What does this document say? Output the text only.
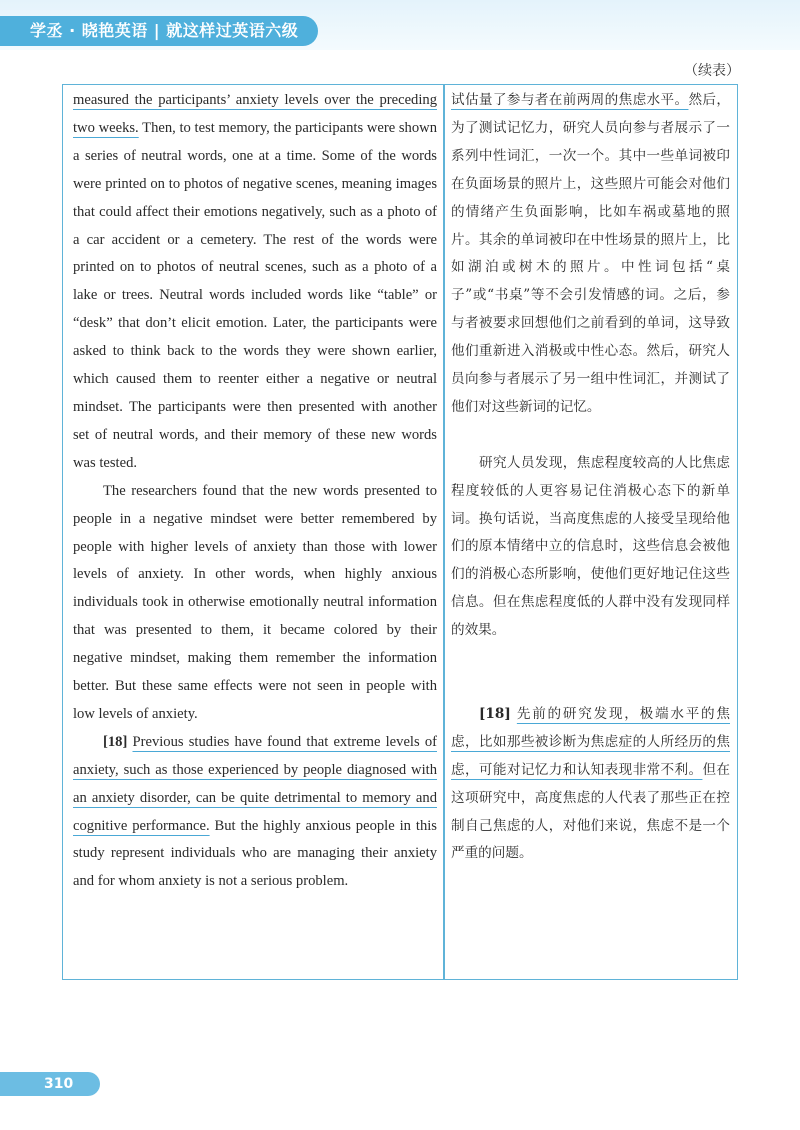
学丞 · 晓艳英语 | 就这样过英语六级
（续表）

measured the participants’ anxiety levels over the preceding two weeks. Then, to test memory, the participants were shown a series of neutral words, one at a time. Some of the words were printed on to photos of negative scenes, meaning images that could affect their emotions negatively, such as a photo of a car accident or a cemetery. The rest of the words were printed on to photos of neutral scenes, such as a photo of a lake or trees. Neutral words included words like “table” or “desk” that don’t elicit emotion. Later, the participants were asked to think back to the words they were shown earlier, which caused them to reenter either a negative or neutral mindset. The participants were then presented with another set of neutral words, and their memory of these new words was tested.

The researchers found that the new words presented to people in a negative mindset were better remembered by people with higher levels of anxiety than those with lower levels of anxiety. In other words, when highly anxious individuals took in otherwise emotionally neutral information that was presented to them, it became colored by their negative mindset, making them remember the information better. But these same effects were not seen in people with low levels of anxiety.

[18] Previous studies have found that extreme levels of anxiety, such as those experienced by people diagnosed with an anxiety disorder, can be quite detrimental to memory and cognitive performance. But the highly anxious people in this study represent individuals who are managing their anxiety and for whom anxiety is not a serious problem.

试估量了参与者在前两周的焦虑水平。然后，为了测试记忆力，研究人员向参与者展示了一系列中性词汇，一次一个。其中一些单词被印在负面场景的照片上，这些照片可能会对他们的情绪产生负面影响，比如车祸或墓地的照片。其余的单词被印在中性场景的照片上，比如湖泊或树木的照片。中性词包括“桌子”或“书桌”等不会引发情感的词。之后，参与者被要求回想他们之前看到的单词，这导致他们重新进入消极或中性心态。然后，研究人员向参与者展示了另一组中性词汇，并测试了他们对这些新词的记忆。

研究人员发现，焦虑程度较高的人比焦虑程度较低的人更容易记住消极心态下的新单词。换句话说，当高度焦虑的人接受呈现给他们的原本情绪中立的信息时，这些信息会被他们的消极心态所影响，使他们更好地记住这些信息。但在焦虑程度低的人群中没有发现同样的效果。

[18] 先前的研究发现，极端水平的焦虑，比如那些被诊断为焦虑症的人所经历的焦虑，可能对记忆力和认知表现非常不利。但在这项研究中，高度焦虑的人代表了那些正在控制自己焦虑的人，对他们来说，焦虑不是一个严重的问题。

310
